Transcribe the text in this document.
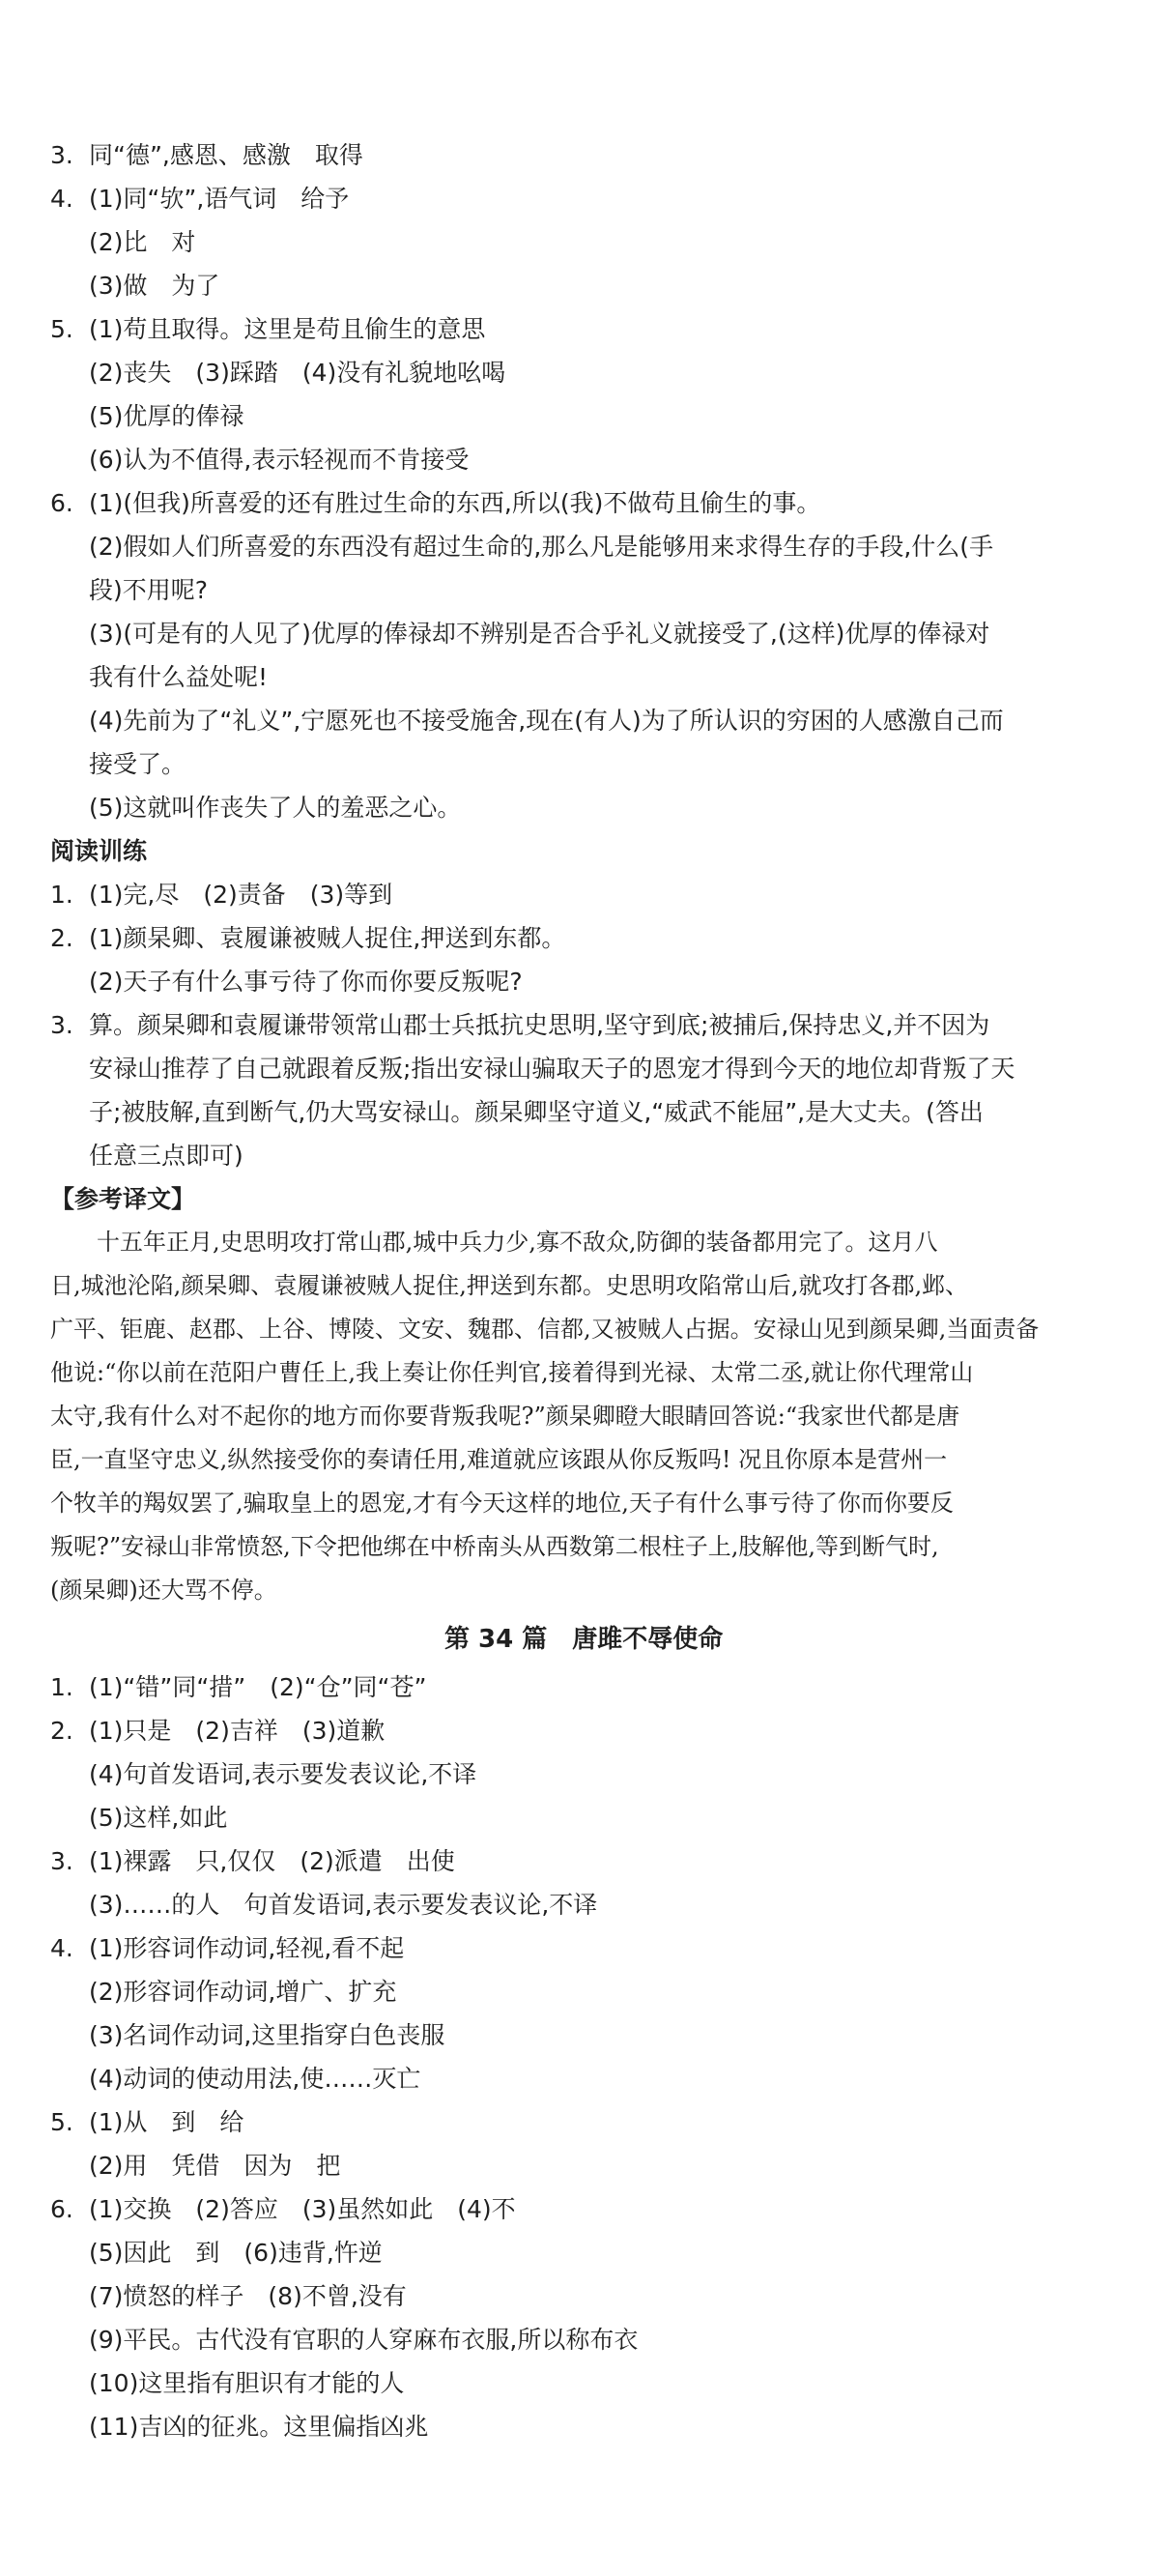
3. 同“德”,感恩、感激　取得
4. (1)同“欤”,语气词　给予
(2)比　对
(3)做　为了
5. (1)苟且取得。这里是苟且偷生的意思
(2)丧失　(3)踩踏　(4)没有礼貌地吆喝
(5)优厚的俸禄
(6)认为不值得,表示轻视而不肯接受
6. (1)(但我)所喜爱的还有胜过生命的东西,所以(我)不做苟且偷生的事。
(2)假如人们所喜爱的东西没有超过生命的,那么凡是能够用来求得生存的手段,什么(手
段)不用呢?
(3)(可是有的人见了)优厚的俸禄却不辨别是否合乎礼义就接受了,(这样)优厚的俸禄对
我有什么益处呢!
(4)先前为了“礼义”,宁愿死也不接受施舍,现在(有人)为了所认识的穷困的人感激自己而
接受了。
(5)这就叫作丧失了人的羞恶之心。
阅读训练
1. (1)完,尽　(2)责备　(3)等到
2. (1)颜杲卿、袁履谦被贼人捉住,押送到东都。
(2)天子有什么事亏待了你而你要反叛呢?
3. 算。颜杲卿和袁履谦带领常山郡士兵抵抗史思明,坚守到底;被捕后,保持忠义,并不因为
安禄山推荐了自己就跟着反叛;指出安禄山骗取天子的恩宠才得到今天的地位却背叛了天
子;被肢解,直到断气,仍大骂安禄山。颜杲卿坚守道义,“威武不能屈”,是大丈夫。(答出
任意三点即可)
【参考译文】
　　十五年正月,史思明攻打常山郡,城中兵力少,寡不敌众,防御的装备都用完了。这月八
日,城池沦陷,颜杲卿、袁履谦被贼人捉住,押送到东都。史思明攻陷常山后,就攻打各郡,邺、
广平、钜鹿、赵郡、上谷、博陵、文安、魏郡、信都,又被贼人占据。安禄山见到颜杲卿,当面责备
他说:“你以前在范阳户曹任上,我上奏让你任判官,接着得到光禄、太常二丞,就让你代理常山
太守,我有什么对不起你的地方而你要背叛我呢?”颜杲卿瞪大眼睛回答说:“我家世代都是唐
臣,一直坚守忠义,纵然接受你的奏请任用,难道就应该跟从你反叛吗! 况且你原本是营州一
个牧羊的羯奴罢了,骗取皇上的恩宠,才有今天这样的地位,天子有什么事亏待了你而你要反
叛呢?”安禄山非常愤怒,下令把他绑在中桥南头从西数第二根柱子上,肢解他,等到断气时,
(颜杲卿)还大骂不停。
第 34 篇　唐雎不辱使命
1. (1)“错”同“措”　(2)“仓”同“苍”
2. (1)只是　(2)吉祥　(3)道歉
(4)句首发语词,表示要发表议论,不译
(5)这样,如此
3. (1)裸露　只,仅仅　(2)派遣　出使
(3)……的人　句首发语词,表示要发表议论,不译
4. (1)形容词作动词,轻视,看不起
(2)形容词作动词,增广、扩充
(3)名词作动词,这里指穿白色丧服
(4)动词的使动用法,使……灭亡
5. (1)从　到　给
(2)用　凭借　因为　把
6. (1)交换　(2)答应　(3)虽然如此　(4)不
(5)因此　到　(6)违背,忤逆
(7)愤怒的样子　(8)不曾,没有
(9)平民。古代没有官职的人穿麻布衣服,所以称布衣
(10)这里指有胆识有才能的人
(11)吉凶的征兆。这里偏指凶兆
